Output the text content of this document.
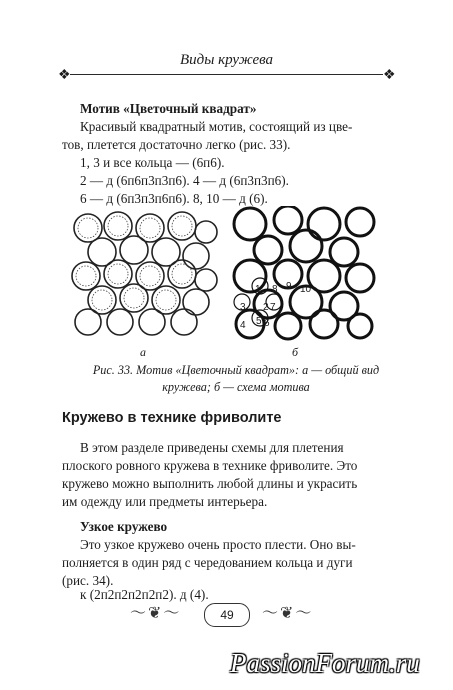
Виды кружева
❖	❖
Мотив «Цветочный квадрат»
Красивый квадратный мотив, состоящий из цве-
тов, плетется достаточно легко (рис. 33).
1, 3 и все кольца — (6п6).
2 — д (6п6п3п3п6). 4 — д (6п3п3п6).
6 — д (6п3п3п6п6). 8, 10 — д (6).
а
1
3 2
4 5 6
7
8 9 10
б
Рис. 33. Мотив «Цветочный квадрат»: а — общий вид
кружева; б — схема мотива
Кружево в технике фриволите
В этом разделе приведены схемы для плетения
плоского ровного кружева в технике фриволите. Это
кружево можно выполнить любой длины и украсить
им одежду или предметы интерьера.
Узкое кружево
Это узкое кружево очень просто плести. Оно вы-
полняется в один ряд с чередованием кольца и дуги
(рис. 34).
к (2п2п2п2п2п2). д (4).
〜❦〜	49	〜❦〜
PassionForum.ru
